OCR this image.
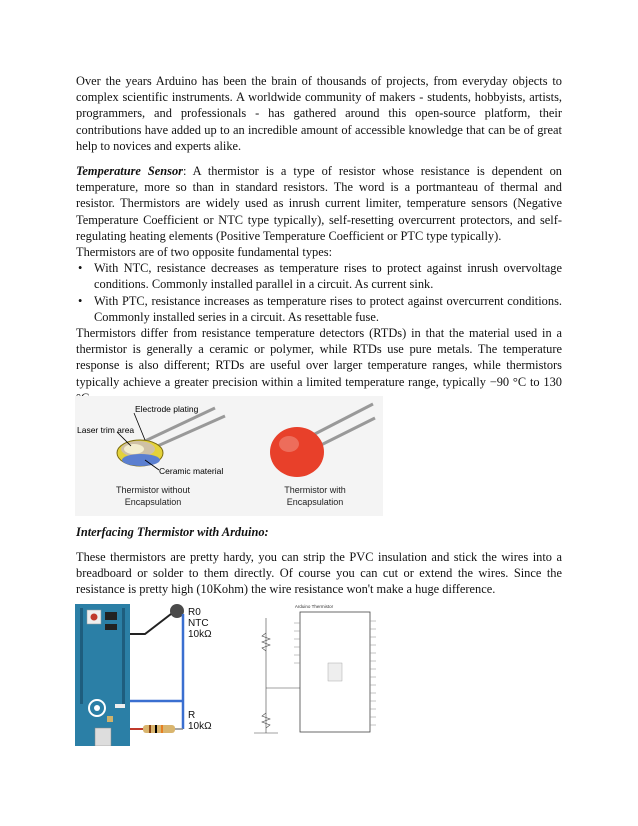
Over the years Arduino has been the brain of thousands of projects, from everyday objects to complex scientific instruments. A worldwide community of makers - students, hobbyists, artists, programmers, and professionals - has gathered around this open-source platform, their contributions have added up to an incredible amount of accessible knowledge that can be of great help to novices and experts alike.

Temperature Sensor: A thermistor is a type of resistor whose resistance is dependent on temperature, more so than in standard resistors. The word is a portmanteau of thermal and resistor. Thermistors are widely used as inrush current limiter, temperature sensors (Negative Temperature Coefficient or NTC type typically), self-resetting overcurrent protectors, and self-regulating heating elements (Positive Temperature Coefficient or PTC type typically).

Thermistors are of two opposite fundamental types:

• With NTC, resistance decreases as temperature rises to protect against inrush overvoltage conditions. Commonly installed parallel in a circuit. As current sink.
• With PTC, resistance increases as temperature rises to protect against overcurrent conditions. Commonly installed series in a circuit. As resettable fuse.

Thermistors differ from resistance temperature detectors (RTDs) in that the material used in a thermistor is generally a ceramic or polymer, while RTDs use pure metals. The temperature response is also different; RTDs are useful over larger temperature ranges, while thermistors typically achieve a greater precision within a limited temperature range, typically −90 °C to 130 °C.

Electrode plating
Laser trim area
Ceramic material
Thermistor without
Encapsulation
Thermistor with
Encapsulation
Interfacing Thermistor with Arduino:

These thermistors are pretty hardy, you can strip the PVC insulation and stick the wires into a breadboard or solder to them directly. Of course you can cut or extend the wires. Since the resistance is pretty high (10Kohm) the wire resistance won't make a huge difference.

R0
NTC
10kΩ
R
10kΩ
Arduino Thermistor
